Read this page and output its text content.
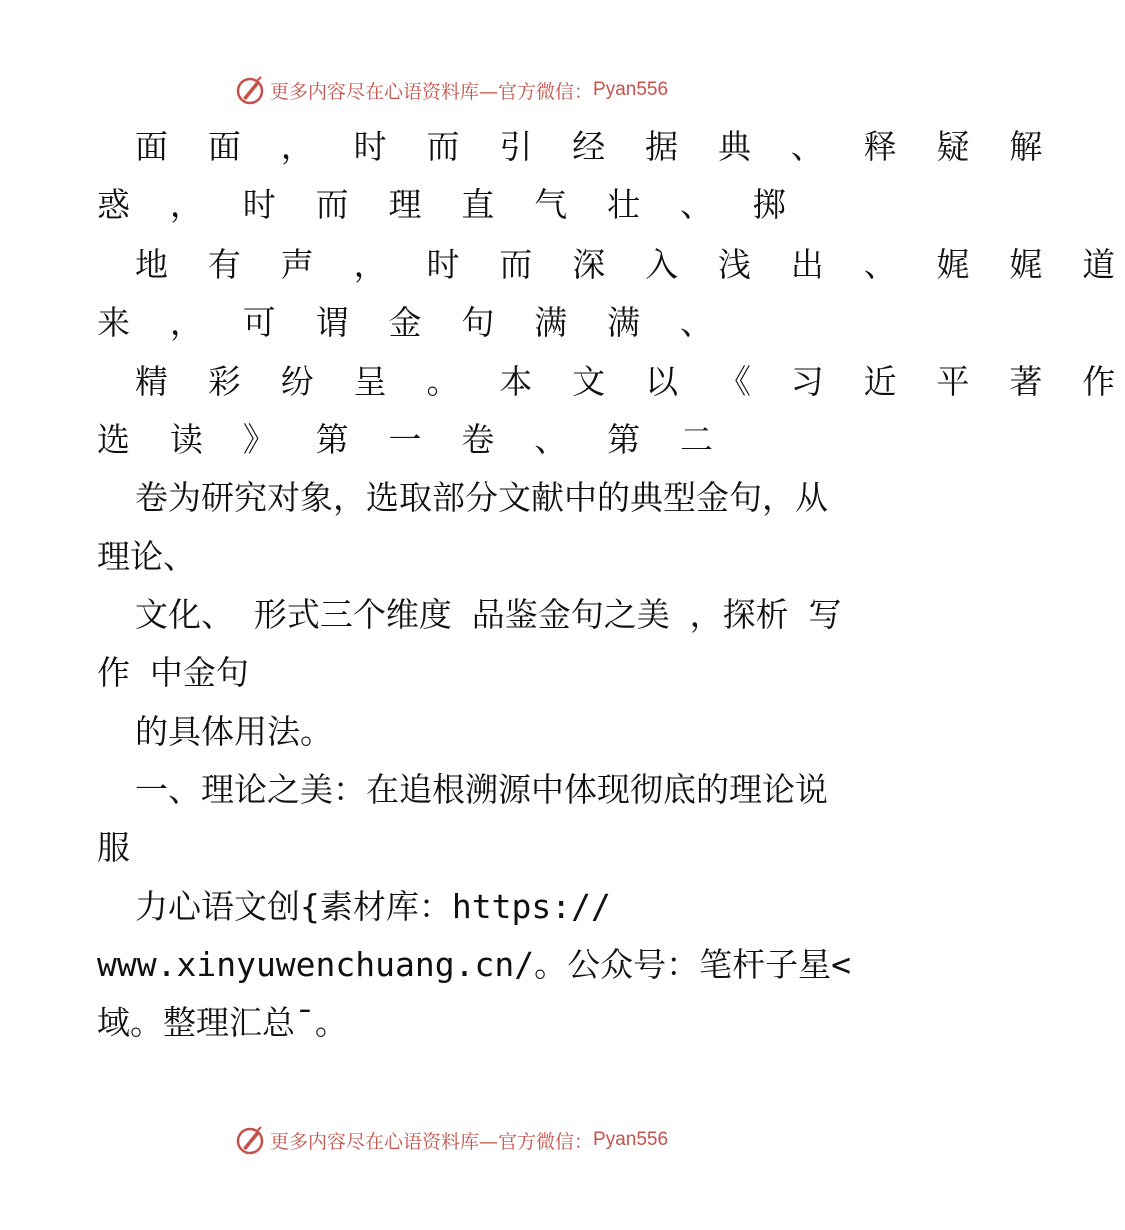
更多内容尽在心语资料库—官方微信： Pyan556
面 面 ， 时 而 引 经 据 典 、 释 疑 解
惑 ， 时 而 理 直 气 壮 、 掷
地 有 声 ， 时 而 深 入 浅 出 、 娓 娓 道
来 ， 可 谓 金 句 满 满 、
精 彩 纷 呈 。 本 文 以 《 习 近 平 著 作
选 读 》 第 一 卷 、 第 二
卷为研究对象，选取部分文献中的典型金句，从
理论、
文化、 形式三个维度 品鉴金句之美 ，探析 写
作 中金句
的具体用法。
一、理论之美：在追根溯源中体现彻底的理论说
服
力心语文创{素材库：https://
www.xinyuwenchuang.cn/。公众号：笔杆子星<
域。整理汇总¯。
更多内容尽在心语资料库—官方微信： Pyan556
